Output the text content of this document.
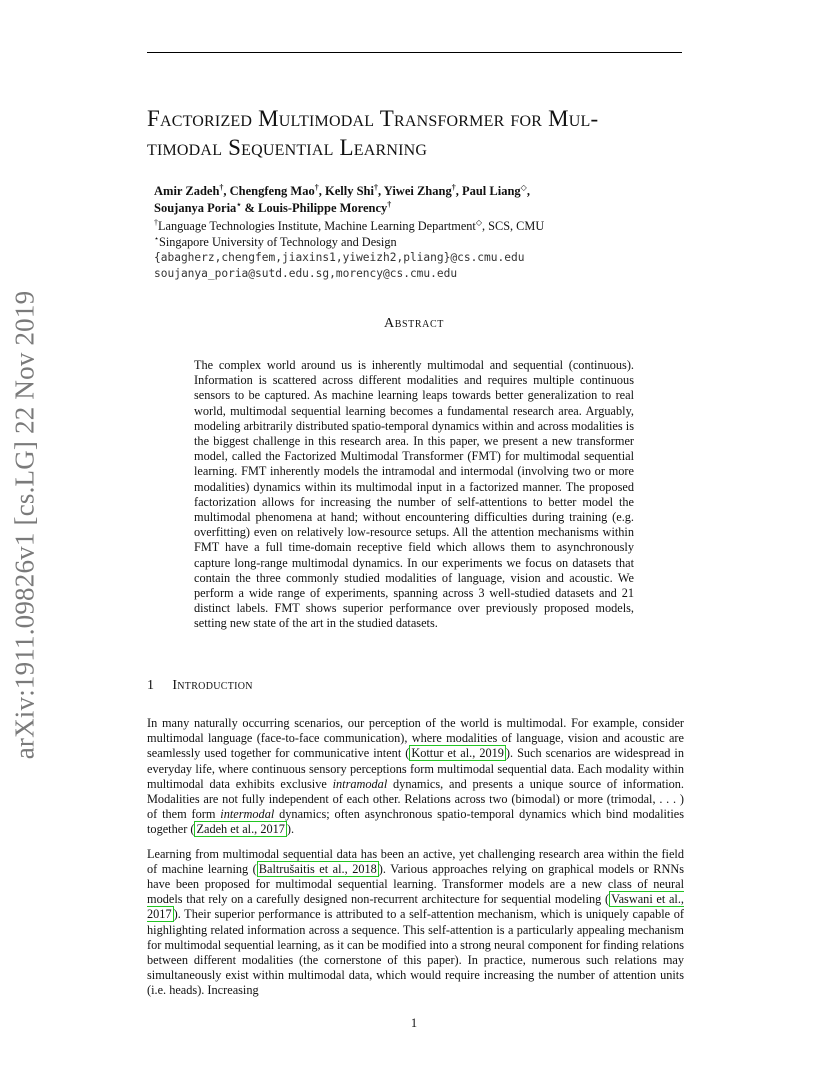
arXiv:1911.09826v1 [cs.LG] 22 Nov 2019
Factorized Multimodal Transformer for Mul-
timodal Sequential Learning
Amir Zadeh†, Chengfeng Mao†, Kelly Shi†, Yiwei Zhang†, Paul Liang◇,
Soujanya Poria⋆ & Louis-Philippe Morency†
†Language Technologies Institute, Machine Learning Department◇, SCS, CMU
⋆Singapore University of Technology and Design
{abagherz,chengfem,jiaxins1,yiweizh2,pliang}@cs.cmu.edu
soujanya_poria@sutd.edu.sg,morency@cs.cmu.edu
Abstract
The complex world around us is inherently multimodal and sequential (continuous). Information is scattered across different modalities and requires multiple continuous sensors to be captured. As machine learning leaps towards better generalization to real world, multimodal sequential learning becomes a fundamental research area. Arguably, modeling arbitrarily distributed spatio-temporal dynamics within and across modalities is the biggest challenge in this research area. In this paper, we present a new transformer model, called the Factorized Multimodal Transformer (FMT) for multimodal sequential learning. FMT inherently models the intramodal and intermodal (involving two or more modalities) dynamics within its multimodal input in a factorized manner. The proposed factorization allows for increasing the number of self-attentions to better model the multimodal phenomena at hand; without encountering difficulties during training (e.g. overfitting) even on relatively low-resource setups. All the attention mechanisms within FMT have a full time-domain receptive field which allows them to asynchronously capture long-range multimodal dynamics. In our experiments we focus on datasets that contain the three commonly studied modalities of language, vision and acoustic. We perform a wide range of experiments, spanning across 3 well-studied datasets and 21 distinct labels. FMT shows superior performance over previously proposed models, setting new state of the art in the studied datasets.
1 Introduction

In many naturally occurring scenarios, our perception of the world is multimodal. For example, consider multimodal language (face-to-face communication), where modalities of language, vision and acoustic are seamlessly used together for communicative intent ( Kottur et al., 2019 ). Such scenarios are widespread in everyday life, where continuous sensory perceptions form multimodal sequential data. Each modality within multimodal data exhibits exclusive intramodal dynamics, and presents a unique source of information. Modalities are not fully independent of each other. Relations across two (bimodal) or more (trimodal, . . . ) of them form intermodal dynamics; often asynchronous spatio-temporal dynamics which bind modalities together ( Zadeh et al., 2017 ).

Learning from multimodal sequential data has been an active, yet challenging research area within the field of machine learning ( Baltrušaitis et al., 2018 ). Various approaches relying on graphical models or RNNs have been proposed for multimodal sequential learning. Transformer models are a new class of neural models that rely on a carefully designed non-recurrent architecture for sequential modeling ( Vaswani et al., 2017 ). Their superior performance is attributed to a self-attention mechanism, which is uniquely capable of highlighting related information across a sequence. This self-attention is a particularly appealing mechanism for multimodal sequential learning, as it can be modified into a strong neural component for finding relations between different modalities (the cornerstone of this paper). In practice, numerous such relations may simultaneously exist within multimodal data, which would require increasing the number of attention units (i.e. heads). Increasing

1
